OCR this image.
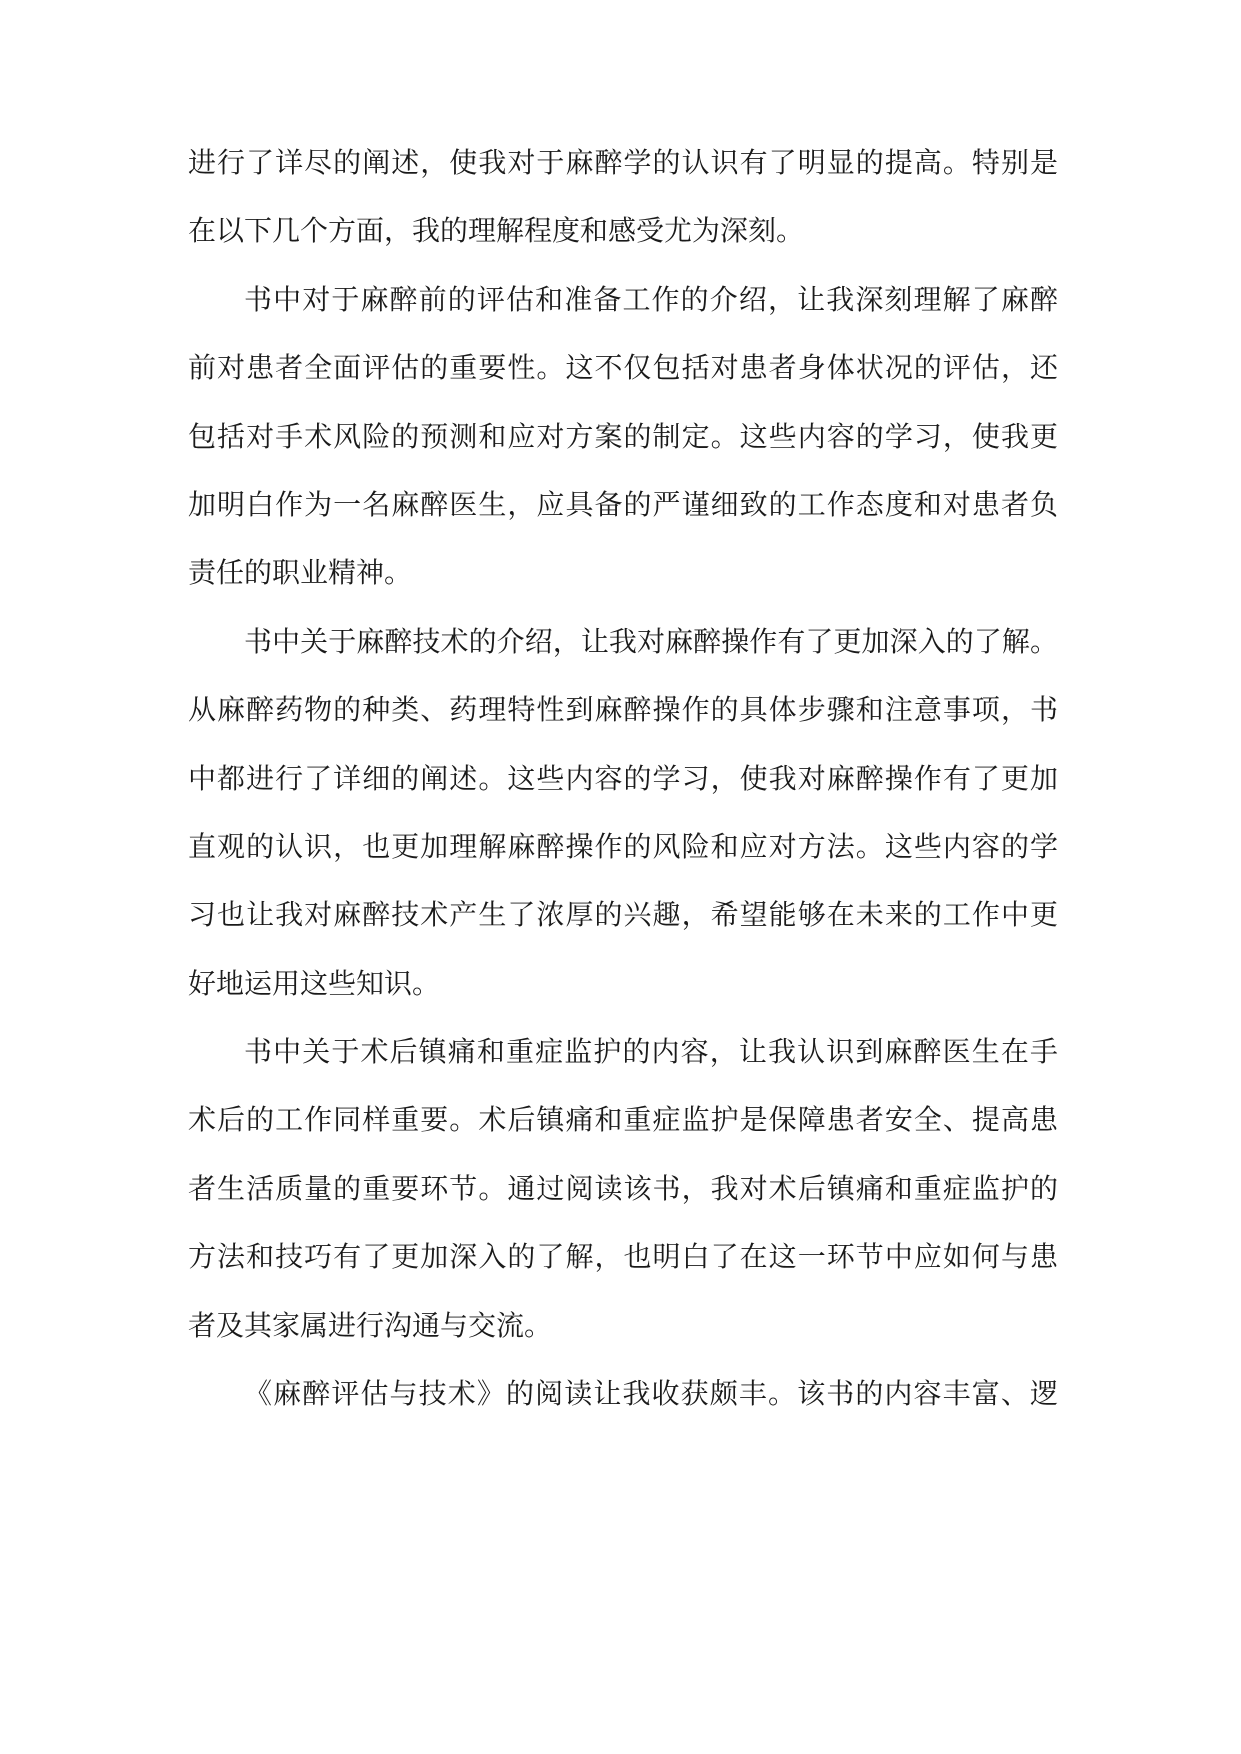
进行了详尽的阐述，使我对于麻醉学的认识有了明显的提高。特别是
在以下几个方面，我的理解程度和感受尤为深刻。
书中对于麻醉前的评估和准备工作的介绍，让我深刻理解了麻醉
前对患者全面评估的重要性。这不仅包括对患者身体状况的评估，还
包括对手术风险的预测和应对方案的制定。这些内容的学习，使我更
加明白作为一名麻醉医生，应具备的严谨细致的工作态度和对患者负
责任的职业精神。
书中关于麻醉技术的介绍，让我对麻醉操作有了更加深入的了解。
从麻醉药物的种类、药理特性到麻醉操作的具体步骤和注意事项，书
中都进行了详细的阐述。这些内容的学习，使我对麻醉操作有了更加
直观的认识，也更加理解麻醉操作的风险和应对方法。这些内容的学
习也让我对麻醉技术产生了浓厚的兴趣，希望能够在未来的工作中更
好地运用这些知识。
书中关于术后镇痛和重症监护的内容，让我认识到麻醉医生在手
术后的工作同样重要。术后镇痛和重症监护是保障患者安全、提高患
者生活质量的重要环节。通过阅读该书，我对术后镇痛和重症监护的
方法和技巧有了更加深入的了解，也明白了在这一环节中应如何与患
者及其家属进行沟通与交流。
《麻醉评估与技术》的阅读让我收获颇丰。该书的内容丰富、逻
